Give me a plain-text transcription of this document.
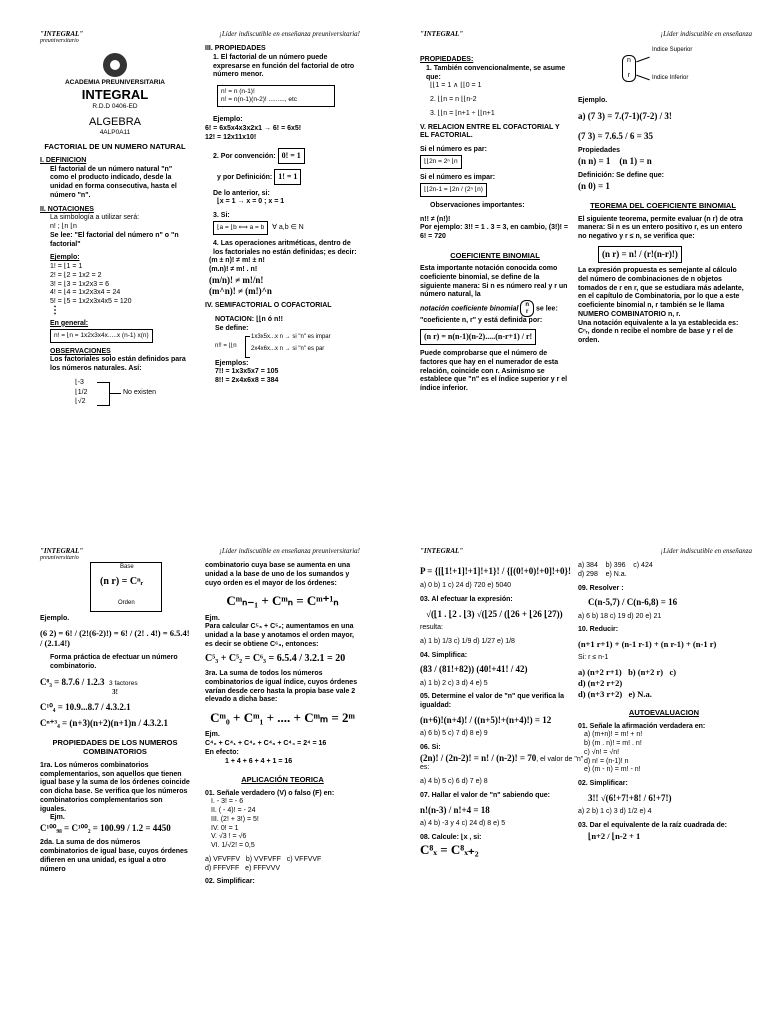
"INTEGRAL"
preuniversitario
¡Líder indiscutible en enseñanza preuniversitaria!
ACADEMIA PREUNIVERSITARIA
INTEGRAL
R.D.D 0406-ED
ALGEBRA
4ALP0A11
FACTORIAL DE UN NUMERO NATURAL
I. DEFINICION

El factorial de un número natural "n" como el producto indicado, desde la unidad en forma consecutiva, hasta el número "n".

II. NOTACIONES

La simbología a utilizar será:

n! ; ⌊n ⌊n

Se lee: "El factorial del número n" o "n factorial"

Ejemplo:

1! = ⌊1 = 1

2! = ⌊2 = 1x2 = 2

3! = ⌊3 = 1x2x3 = 6

4! = ⌊4 = 1x2x3x4 = 24

5! = ⌊5 = 1x2x3x4x5 = 120

⋮

En general:

n! = ⌊n = 1x2x3x4x.....x (n-1) x(n)

OBSERVACIONES

Los factoriales solo están definidos para los números naturales. Así:

⌊-3
⌊1/2
⌊√2
No existen
III. PROPIEDADES

1. El factorial de un número puede expresarse en función del factorial de otro número menor.

n! = n (n-1)!

n! = n(n-1)(n-2)! ........., etc

Ejemplo:

6! = 6x5x4x3x2x1 → 6! = 6x5!

12! = 12x11x10!

2. Por convención: 0! = 1

y por Definición: 1! = 1

De lo anterior, si:

⌊x = 1 → x = 0 ; x = 1

3. Si:

⌊a = ⌊b ⟺ a = b ∀ a,b ∈ N

4. Las operaciones aritméticas, dentro de los factoriales no están definidas; es decir:

(m ± n)! ≠ m! ± n!

(m.n)! ≠ m! . n!

(m/n)! ≠ m!/n!

(m^n)! ≠ (m!)^n

IV. SEMIFACTORIAL O COFACTORIAL

NOTACION: ⌊⌊n ó n!!

Se define:

n!! = ⌊⌊n
1x3x5x...x n → si "n" es impar
2x4x6x...x n → si "n" es par

Ejemplos:

7!! = 1x3x5x7 = 105

8!! = 2x4x6x8 = 384

"INTEGRAL"	¡Líder indiscutible en enseñanza

PROPIEDADES:

1. También convencionalmente, se asume que:

⌊⌊1 = 1 ∧ ⌊⌊0 = 1

2. ⌊⌊n = n ⌊⌊n-2

3. ⌊⌊n = ⌊n+1 ÷ ⌊⌊n+1

V. RELACION ENTRE EL COFACTORIAL Y EL FACTORIAL.

Si el número es par:

⌊⌊2n = 2ⁿ ⌊n

Si el número es impar:

⌊⌊2n-1 = ⌊2n / (2ⁿ ⌊n)

Observaciones importantes:

n!! ≠ (n!)!

Por ejemplo: 3!! = 1 . 3 = 3, en cambio, (3!)! = 6! = 720

COEFICIENTE BINOMIAL

Esta importante notación conocida como coeficiente binomial, se define de la siguiente manera: Si n es número real y r un número natural, la

notación coeficiente binomial n
r se lee: "coeficiente n, r" y está definida por:

(n r) = n(n-1)(n-2).....(n-r+1) / r!

Puede comprobarse que el número de factores que hay en el numerador de esta relación, coincide con r. Asimismo se establece que "n" es el índice superior y r el índice inferior.

n

r
Indice Superior
Indice Inferior

Ejemplo.

a) (7 3) = 7.(7-1)(7-2) / 3!

(7 3) = 7.6.5 / 6 = 35

Propiedades

(n n) = 1 (n 1) = n

Definición: Se define que:

(n 0) = 1

TEOREMA DEL COEFICIENTE BINOMIAL

El siguiente teorema, permite evaluar (n r) de otra manera: Si n es un entero positivo r, es un entero no negativo y r ≤ n, se verifica que:

(n r) = n! / (r!(n-r)!)

La expresión propuesta es semejante al cálculo del número de combinaciones de n objetos tomados de r en r, que se estudiara más adelante, en el capítulo de Combinatoria, por lo que a este coeficiente binomial n, r también se le llama NUMERO COMBINATORIO n, r.

Una notación equivalente a la ya establecida es: Cⁿᵣ, donde n recibe el nombre de base y r el de orden.

"INTEGRAL"
preuniversitario
¡Líder indiscutible en enseñanza preuniversitaria!
Base
(n r) = Cⁿᵣ
Orden

Ejemplo.

(6 2) = 6! / (2!(6-2)!) = 6! / (2! . 4!) = 6.5.4! / (2.1.4!)

Forma práctica de efectuar un número combinatorio.

C⁸₃ = 8.7.6 / 1.2.3 3 factores

3!

C¹⁰₄ = 10.9...8.7 / 4.3.2.1

Cⁿ⁺³₄ = (n+3)(n+2)(n+1)n / 4.3.2.1

PROPIEDADES DE LOS NUMEROS COMBINATORIOS

1ra. Los números combinatorios complementarios, son aquellos que tienen igual base y la suma de los órdenes coincide con dicha base. Se verifica que los números combinatorios complementarios son iguales.

Ejm.

C¹⁰⁰₉₈ = C¹⁰⁰₂ = 100.99 / 1.2 = 4450

2da. La suma de dos números combinatorios de igual base, cuyos órdenes difieren en una unidad, es igual a otro número

combinatorio cuya base se aumenta en una unidad a la base de uno de los sumandos y cuyo orden es el mayor de los órdenes:

Cᵐₙ₋₁ + Cᵐₙ = Cᵐ⁺¹ₙ

Ejm.

Para calcular C⁵₃ + C⁵₂; aumentamos en una unidad a la base y anotamos el orden mayor, es decir se obtiene C⁶₃, entonces:

C⁵₃ + C⁵₂ = C⁶₃ = 6.5.4 / 3.2.1 = 20

3ra. La suma de todos los números combinatorios de igual índice, cuyos órdenes varían desde cero hasta la propia base vale 2 elevado a dicha base:

Cᵐ₀ + Cᵐ₁ + .... + Cᵐₘ = 2ᵐ

Ejm.

C⁴₀ + C⁴₁ + C⁴₂ + C⁴₃ + C⁴₄ = 2⁴ = 16

En efecto:

1 + 4 + 6 + 4 + 1 = 16

APLICACIÓN TEORICA

01. Señale verdadero (V) o falso (F) en:

I. - 3! = - 6

II. ( - 4)! = - 24

III. (2! + 3!) = 5!

IV. 0! = 1

V. √3 ! = √6

VI. 1/√2! = 0,5

a) VFVFFV b) VVFVFF c) VFFVVF

d) FFFVFF e) FFFVVV

02. Simplificar:

"INTEGRAL"	¡Líder indiscutible en enseñanza

P = {[⌊1!+1]!+1]!+1}! / {[(0!+0)!+0]!+0}!

a) 0 b) 1 c) 24 d) 720 e) 5040

03. Al efectuar la expresión:

√(⌊1 . ⌊2 . ⌊3) √(⌊25 / (⌊26 + ⌊26 ⌊27))

resulta:

a) 1 b) 1/3 c) 1/9 d) 1/27 e) 1/8

04. Simplifica:

(83 / (81!+82)) (40!+41! / 42)

a) 1 b) 2 c) 3 d) 4 e) 5

05. Determine el valor de "n" que verifica la igualdad:

(n+6)!(n+4)! / ((n+5)!+(n+4)!) = 12

a) 6 b) 5 c) 7 d) 8 e) 9

06. Si:

(2n)! / (2n-2)! = n! / (n-2)! = 70, el valor de "n" es:

a) 4 b) 5 c) 6 d) 7 e) 8

07. Hallar el valor de "n" sabiendo que:

n!(n-3) / n!+4 = 18

a) 4 b) -3 y 4 c) 24 d) 8 e) 5

08. Calcule: ⌊x , si:

C⁸ₓ = C⁸ₓ₊₂

a) 384 b) 396 c) 424

d) 298 e) N.a.

09. Resolver :

C(n-5,7) / C(n-6,8) = 16

a) 6 b) 18 c) 19 d) 20 e) 21

10. Reducir:

(n+1 r+1) + (n-1 r-1) + (n r-1) + (n-1 r)

Si: r ≤ n-1

a) (n+2 r+1) b) (n+2 r) c)

d) (n+2 r+2)

d) (n+3 r+2) e) N.a.

AUTOEVALUACION

01. Señale la afirmación verdadera en:

a) (m+n)! = m! + n!

b) (m . n)! = m! . n!

c) √n! = √n!

d) n! = (n-1)! n

e) (m - n) = m! - n!

02. Simplificar:

3!! √(6!+7!+8! / 6!+7!)

a) 2 b) 1 c) 3 d) 1/2 e) 4

03. Dar el equivalente de la raíz cuadrada de:

⌊n+2 / ⌊n-2 + 1
